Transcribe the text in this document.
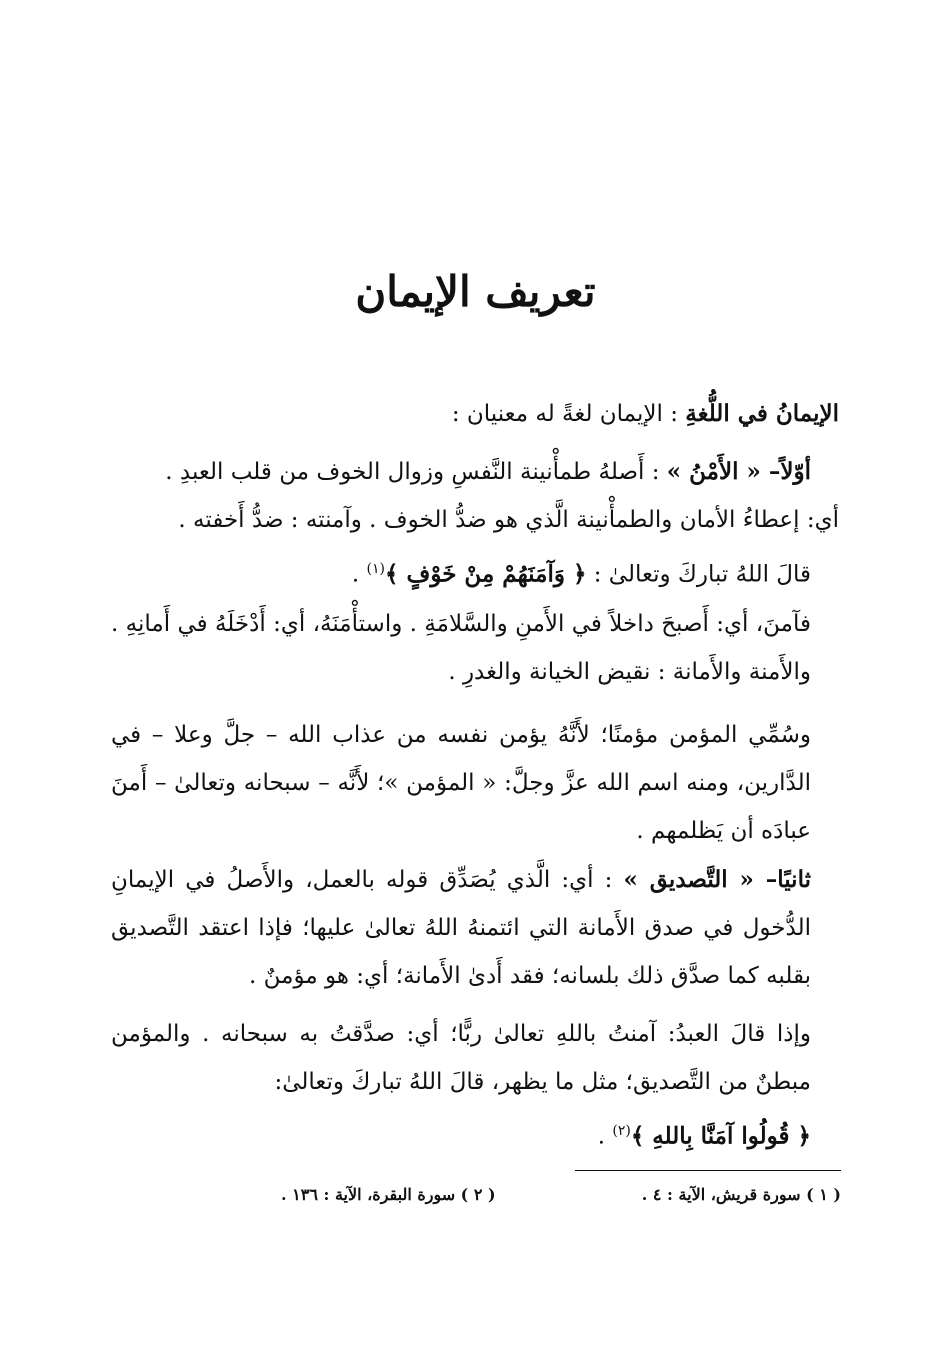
تعريف الإيمان

الإيمانُ في اللُّغةِ : الإيمان لغةً له معنيان :

أوّلاً– « الأَمْنُ » : أَصلهُ طمأْنينة النَّفسِ وزوال الخوف من قلب العبدِ .
أي: إعطاءُ الأمان والطمأْنينة الَّذي هو ضدُّ الخوف . وآمنته : ضدُّ أَخفته .

قالَ اللهُ تباركَ وتعالىٰ : ﴿ وَآمَنَهُمْ مِنْ خَوْفٍ ﴾$^{(١)}$ .

فآمنَ، أي: أَصبحَ داخلاً في الأَمنِ والسَّلامَةِ . واستأْمَنَهُ، أي: أَدْخَلَهُ في أَمانِهِ . والأَمنة والأَمانة : نقيض الخيانة والغدرِ .

وسُمِّي المؤمن مؤمنًا؛ لأَنَّهُ يؤمن نفسه من عذاب الله – جلَّ وعلا – في الدَّارين، ومنه اسم الله عزَّ وجلَّ: « المؤمن »؛ لأَنَّه – سبحانه وتعالىٰ – أَمنَ عبادَه أن يَظلمهم .

ثانيًا– « التَّصديق » : أي: الَّذي يُصَدِّق قوله بالعمل، والأَصلُ في الإيمانِ الدُّخول في صدق الأَمانة التي ائتمنهُ اللهُ تعالىٰ عليها؛ فإذا اعتقد التَّصديق بقلبه كما صدَّق ذلك بلسانه؛ فقد أَدىٰ الأَمانة؛ أي: هو مؤمنٌ .

وإذا قالَ العبدُ: آمنتُ باللهِ تعالىٰ ربًّا؛ أي: صدَّقتُ به سبحانه . والمؤمن مبطنٌ من التَّصديق؛ مثل ما يظهر، قالَ اللهُ تباركَ وتعالىٰ:

﴿ قُولُوا آمَنَّا بِاللهِ ﴾$^{(٢)}$ .

( ١ ) سورة قريش، الآية : ٤ .
( ٢ ) سورة البقرة، الآية : ١٣٦ .
